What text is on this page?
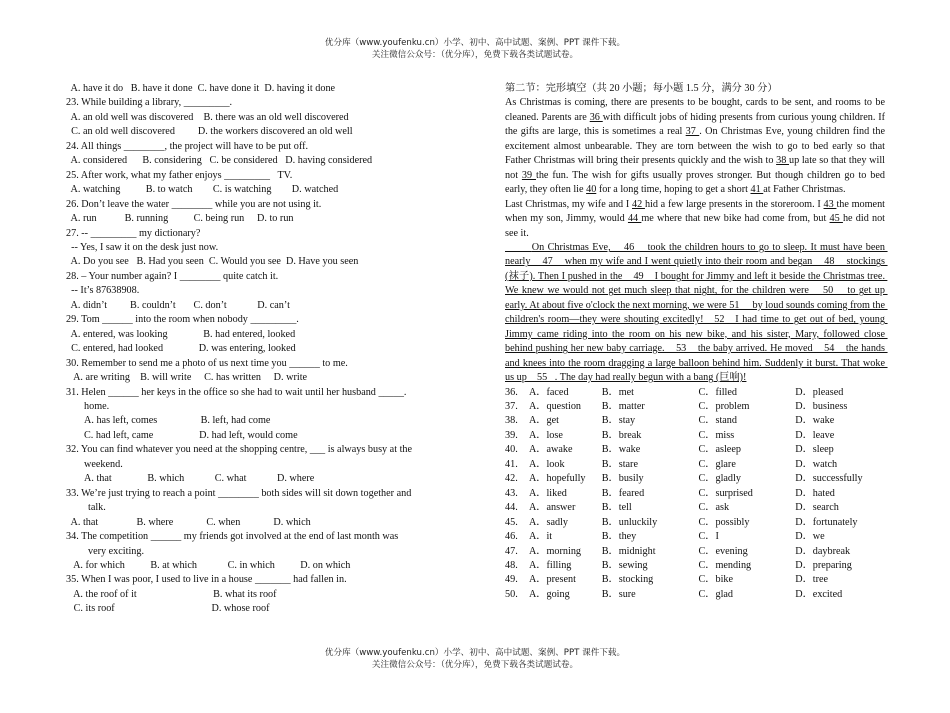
优分库（www.youfenku.cn）小学、初中、高中试题、案例、PPT 课件下载。
关注微信公众号：（优分库），免费下载各类试题试卷。
A. have it do   B. have it done  C. have done it  D. having it done
23. While building a library, _________.
A. an old well was discovered    B. there was an old well discovered
C. an old well discovered         D. the workers discovered an old well
24. All things ________, the project will have to be put off.
A. considered      B. considering   C. be considered   D. having considered
25. After work, what my father enjoys _________   TV.
A. watching          B. to watch        C. is watching        D. watched
26. Don’t leave the water ________ while you are not using it.
A. run           B. running          C. being run     D. to run
27. -- _________ my dictionary?
-- Yes, I saw it on the desk just now.
A. Do you see   B. Had you seen  C. Would you see  D. Have you seen
28. – Your number again? I ________ quite catch it.
-- It’s 87638908.
A. didn’t         B. couldn’t       C. don’t            D. can’t
29. Tom ______ into the room when nobody _________.
A. entered, was looking              B. had entered, looked
C. entered, had looked              D. was entering, looked
30. Remember to send me a photo of us next time you ______ to me.
A. are writing    B. will write     C. has written     D. write
31. Helen ______ her keys in the office so she had to wait until her husband _____.
home.
A. has left, comes                 B. left, had come
C. had left, came                  D. had left, would come
32. You can find whatever you need at the shopping centre, ___ is always busy at the
weekend.
A. that              B. which            C. what            D. where
33. We’re just trying to reach a point ________ both sides will sit down together and
talk.
A. that               B. where             C. when             D. which
34. The competition ______ my friends got involved at the end of last month was
very exciting.
A. for which          B. at which            C. in which          D. on which
35. When I was poor, I used to live in a house _______ had fallen in.
A. the roof of it                              B. what its roof
C. its roof                                      D. whose roof
第二节：完形填空（共 20 小题；每小题 1.5 分，满分 30 分）
As Christmas is coming, there are presents to be bought, cards to be sent, and rooms to be cleaned. Parents are 36 with difficult jobs of hiding presents from curious young children. If the gifts are large, this is sometimes a real 37 . On Christmas Eve, young children find the excitement almost unbearable. They are torn between the wish to go to bed early so that Father Christmas will bring their presents quickly and the wish to 38 up late so that they will not 39 the fun. The wish for gifts usually proves stronger. But though children go to bed early, they often lie 40 for a long time, hoping to get a short 41 at Father Christmas.
Last Christmas, my wife and I 42 hid a few large presents in the storeroom. I 43 the moment when my son, Jimmy, would 44 me where that new bike had come from, but 45 he did not see it.
On Christmas Eve,    46    took the children hours to go to sleep. It must have been nearly    47    when my wife and I went quietly into their room and began    48    stockings (袜子). Then I pushed in the    49    I bought for Jimmy and left it beside the Christmas tree. We knew we would not get much sleep that night, for the children were    50    to get up early. At about five o'clock the next morning, we were 51     by loud sounds coming from the children's room—they were shouting excitedly!   52   I had time to get out of bed, young Jimmy came riding into the room on his new bike, and his sister, Mary, followed close behind pushing her new baby carriage.    53    the baby arrived. He moved    54    the hands and knees into the room dragging a large balloon behind him. Suddenly it burst. That woke us up    55   . The day had really begun with a bang (巨响)!
36.	A．faced	B．met	C．filled	D．pleased
37.	A．question	B．matter	C．problem	D．business
38.	A．get	B．stay	C．stand	D．wake
39.	A．lose	B．break	C．miss	D．leave
40.	A．awake	B．wake	C．asleep	D．sleep
41.	A．look	B．stare	C．glare	D．watch
42.	A．hopefully	B．busily	C．gladly	D．successfully
43.	A．liked	B．feared	C．surprised	D．hated
44.	A．answer	B．tell	C．ask	D．search
45.	A．sadly	B．unluckily	C．possibly	D．fortunately
46.	A．it	B．they	C．I	D．we
47.	A．morning	B．midnight	C．evening	D．daybreak
48.	A．filling	B．sewing	C．mending	D．preparing
49.	A．present	B．stocking	C．bike	D．tree
50.	A．going	B．sure	C．glad	D．excited
优分库（www.youfenku.cn）小学、初中、高中试题、案例、PPT 课件下载。
关注微信公众号：（优分库），免费下载各类试题试卷。
